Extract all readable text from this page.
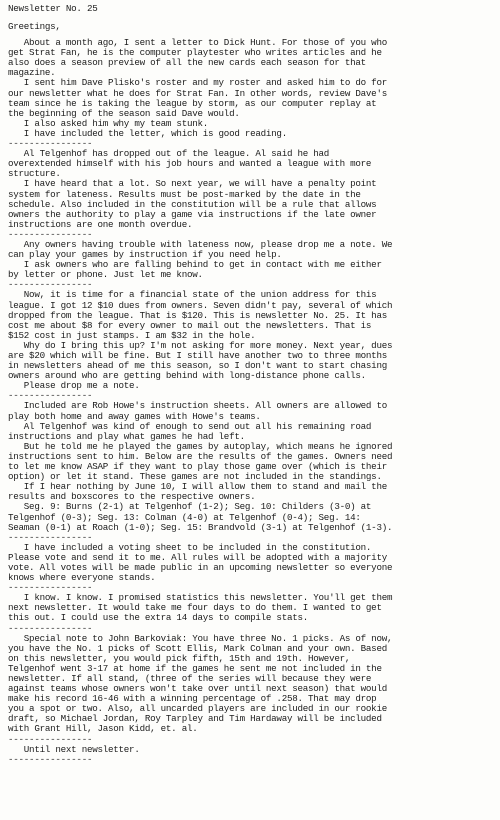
Newsletter No. 25
Greetings,
About a month ago, I sent a letter to Dick Hunt. For those of you who
get Strat Fan, he is the computer playtester who writes articles and he
also does a season preview of all the new cards each season for that
magazine.
I sent him Dave Plisko's roster and my roster and asked him to do for
our newsletter what he does for Strat Fan. In other words, review Dave's
team since he is taking the league by storm, as our computer replay at
the beginning of the season said Dave would.
I also asked him why my team stunk.
I have included the letter, which is good reading.
----------------
Al Telgenhof has dropped out of the league. Al said he had
overextended himself with his job hours and wanted a league with more
structure.
I have heard that a lot. So next year, we will have a penalty point
system for lateness. Results must be post-marked by the date in the
schedule. Also included in the constitution will be a rule that allows
owners the authority to play a game via instructions if the late owner
instructions are one month overdue.
----------------
Any owners having trouble with lateness now, please drop me a note. We
can play your games by instruction if you need help.
I ask owners who are falling behind to get in contact with me either
by letter or phone. Just let me know.
----------------
Now, it is time for a financial state of the union address for this
league. I got 12 $10 dues from owners. Seven didn't pay, several of which
dropped from the league. That is $120. This is newsletter No. 25. It has
cost me about $8 for every owner to mail out the newsletters. That is
$152 cost in just stamps. I am $32 in the hole.
Why do I bring this up? I'm not asking for more money. Next year, dues
are $20 which will be fine. But I still have another two to three months
in newsletters ahead of me this season, so I don't want to start chasing
owners around who are getting behind with long-distance phone calls.
Please drop me a note.
----------------
Included are Rob Howe's instruction sheets. All owners are allowed to
play both home and away games with Howe's teams.
Al Telgenhof was kind of enough to send out all his remaining road
instructions and play what games he had left.
But he told me he played the games by autoplay, which means he ignored
instructions sent to him. Below are the results of the games. Owners need
to let me know ASAP if they want to play those game over (which is their
option) or let it stand. These games are not included in the standings.
If I hear nothing by June 10, I will allow them to stand and mail the
results and boxscores to the respective owners.
Seg. 9: Burns (2-1) at Telgenhof (1-2); Seg. 10: Childers (3-0) at
Telgenhof (0-3); Seg. 13: Colman (4-0) at Telgenhof (0-4); Seg. 14:
Seaman (0-1) at Roach (1-0); Seg. 15: Brandvold (3-1) at Telgenhof (1-3).
----------------
I have included a voting sheet to be included in the constitution.
Please vote and send it to me. All rules will be adopted with a majority
vote. All votes will be made public in an upcoming newsletter so everyone
knows where everyone stands.
----------------
I know. I know. I promised statistics this newsletter. You'll get them
next newsletter. It would take me four days to do them. I wanted to get
this out. I could use the extra 14 days to compile stats.
----------------
Special note to John Barkoviak: You have three No. 1 picks. As of now,
you have the No. 1 picks of Scott Ellis, Mark Colman and your own. Based
on this newsletter, you would pick fifth, 15th and 19th. However,
Telgenhof went 3-17 at home if the games he sent me not included in the
newsletter. If all stand, (three of the series will because they were
against teams whose owners won't take over until next season) that would
make his record 16-46 with a winning percentage of .258. That may drop
you a spot or two. Also, all uncarded players are included in our rookie
draft, so Michael Jordan, Roy Tarpley and Tim Hardaway will be included
with Grant Hill, Jason Kidd, et. al.
----------------
Until next newsletter.
----------------
